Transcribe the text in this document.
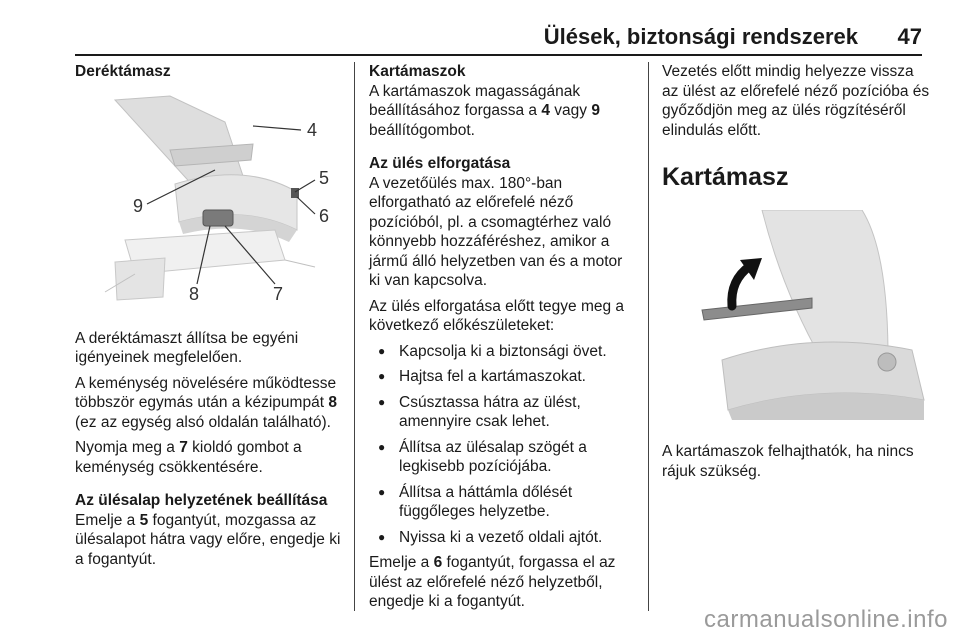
Ülések, biztonsági rendszerek 47
Deréktámasz
4
5
6
9
8	7

A deréktámaszt állítsa be egyéni igényeinek megfelelően.

A keménység növelésére működtesse többször egymás után a kézipumpát 8 (ez az egység alsó oldalán található).

Nyomja meg a 7 kioldó gombot a keménység csökkentésére.

Az ülésalap helyzetének beállítása

Emelje a 5 fogantyút, mozgassa az ülésalapot hátra vagy előre, engedje ki a fogantyút.

Kartámaszok

A kartámaszok magasságának beállításához forgassa a 4 vagy 9 beállítógombot.

Az ülés elforgatása

A vezetőülés max. 180°-ban elforgatható az előrefelé néző pozícióból, pl. a csomagtérhez való könnyebb hozzáféréshez, amikor a jármű álló helyzetben van és a motor ki van kapcsolva.

Az ülés elforgatása előtt tegye meg a következő előkészületeket:

● Kapcsolja ki a biztonsági övet.
● Hajtsa fel a kartámaszokat.
● Csúsztassa hátra az ülést, amennyire csak lehet.
● Állítsa az ülésalap szögét a legkisebb pozíciójába.
● Állítsa a háttámla dőlését függőleges helyzetbe.
● Nyissa ki a vezető oldali ajtót.

Emelje a 6 fogantyút, forgassa el az ülést az előrefelé néző helyzetből, engedje ki a fogantyút.

Vezetés előtt mindig helyezze vissza az ülést az előrefelé néző pozícióba és győződjön meg az ülés rögzítéséről elindulás előtt.

Kartámasz

A kartámaszok felhajthatók, ha nincs rájuk szükség.

carmanualsonline.info
